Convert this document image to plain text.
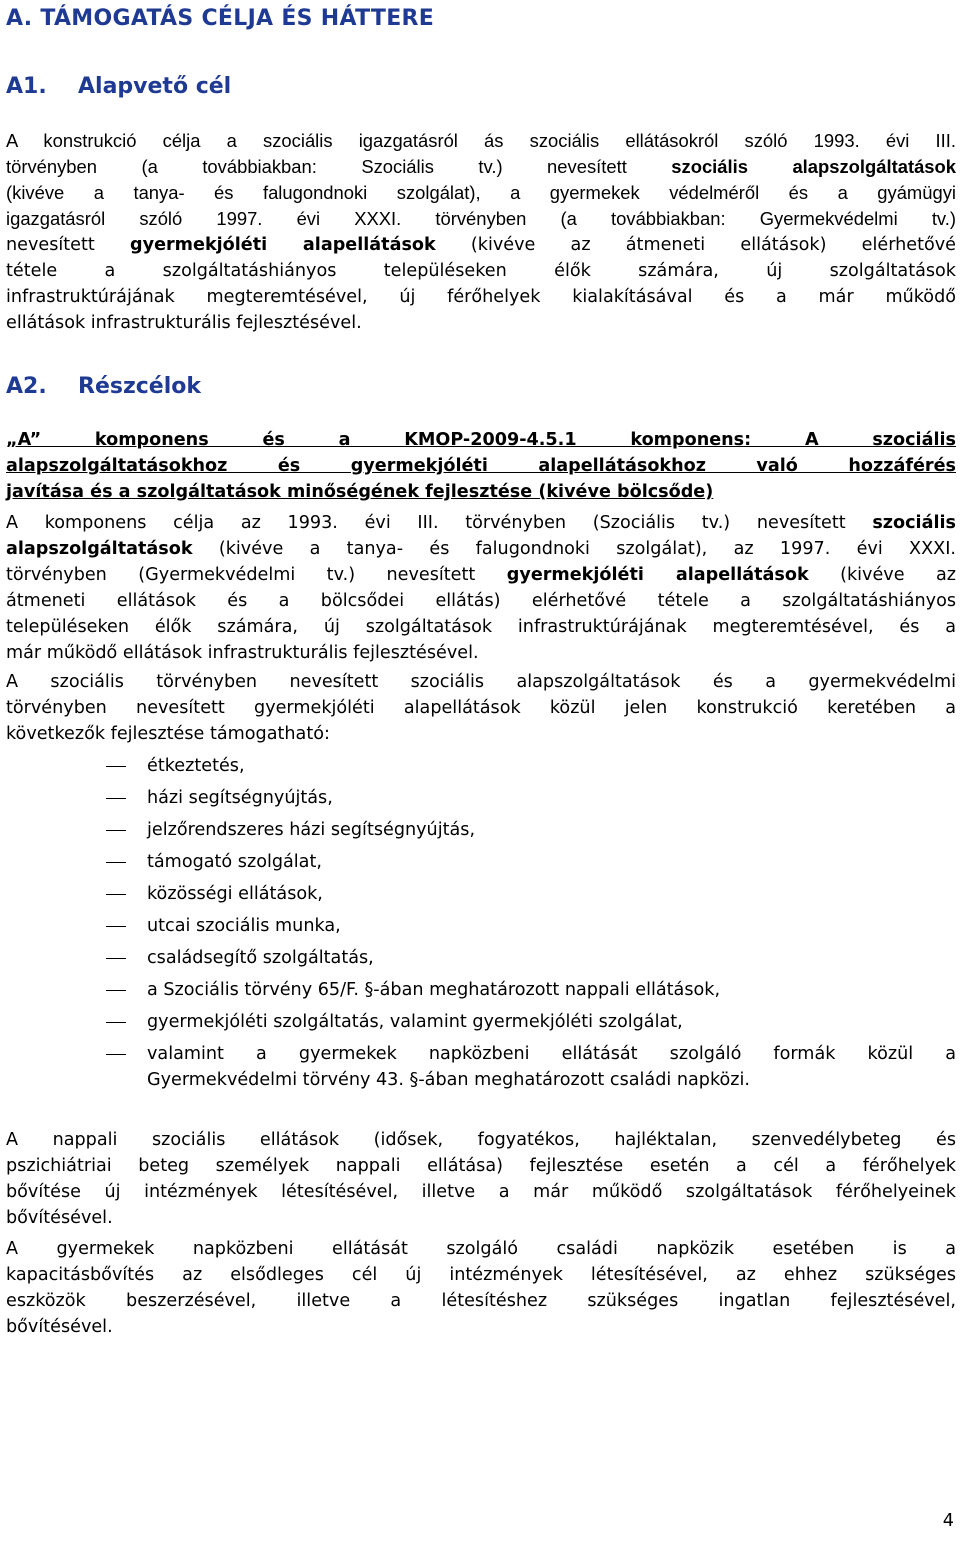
A. TÁMOGATÁS CÉLJA ÉS HÁTTERE
A1. Alapvető cél
A konstrukció célja a szociális igazgatásról ás szociális ellátásokról szóló 1993. évi III.
törvényben (a továbbiakban: Szociális tv.) nevesített szociális alapszolgáltatások
(kivéve a tanya- és falugondnoki szolgálat), a gyermekek védelméről és a gyámügyi
igazgatásról szóló 1997. évi XXXI. törvényben (a továbbiakban: Gyermekvédelmi tv.)
nevesített gyermekjóléti alapellátások (kivéve az átmeneti ellátások) elérhetővé
tétele a szolgáltatáshiányos településeken élők számára, új szolgáltatások
infrastruktúrájának megteremtésével, új férőhelyek kialakításával és a már működő
ellátások infrastrukturális fejlesztésével.
A2. Részcélok
„A” komponens és a KMOP-2009-4.5.1 komponens: A szociális
alapszolgáltatásokhoz és gyermekjóléti alapellátásokhoz való hozzáférés
javítása és a szolgáltatások minőségének fejlesztése (kivéve bölcsőde)
A komponens célja az 1993. évi III. törvényben (Szociális tv.) nevesített szociális
alapszolgáltatások (kivéve a tanya- és falugondnoki szolgálat), az 1997. évi XXXI.
törvényben (Gyermekvédelmi tv.) nevesített gyermekjóléti alapellátások (kivéve az
átmeneti ellátások és a bölcsődei ellátás) elérhetővé tétele a szolgáltatáshiányos
településeken élők számára, új szolgáltatások infrastruktúrájának megteremtésével, és a
már működő ellátások infrastrukturális fejlesztésével.
A szociális törvényben nevesített szociális alapszolgáltatások és a gyermekvédelmi
törvényben nevesített gyermekjóléti alapellátások közül jelen konstrukció keretében a
következők fejlesztése támogatható:
étkeztetés,
házi segítségnyújtás,
jelzőrendszeres házi segítségnyújtás,
támogató szolgálat,
közösségi ellátások,
utcai szociális munka,
családsegítő szolgáltatás,
a Szociális törvény 65/F. §-ában meghatározott nappali ellátások,
gyermekjóléti szolgáltatás, valamint gyermekjóléti szolgálat,
valamint a gyermekek napközbeni ellátását szolgáló formák közül a
Gyermekvédelmi törvény 43. §-ában meghatározott családi napközi.
A nappali szociális ellátások (idősek, fogyatékos, hajléktalan, szenvedélybeteg és
pszichiátriai beteg személyek nappali ellátása) fejlesztése esetén a cél a férőhelyek
bővítése új intézmények létesítésével, illetve a már működő szolgáltatások férőhelyeinek
bővítésével.
A gyermekek napközbeni ellátását szolgáló családi napközik esetében is a
kapacitásbővítés az elsődleges cél új intézmények létesítésével, az ehhez szükséges
eszközök beszerzésével, illetve a létesítéshez szükséges ingatlan fejlesztésével,
bővítésével.
4
